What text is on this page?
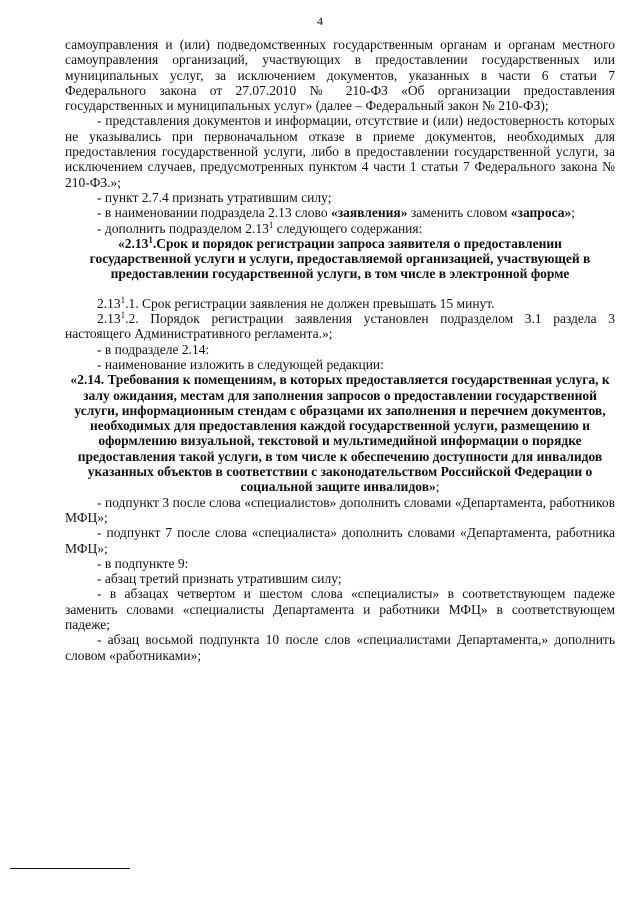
4

самоуправления и (или) подведомственных государственным органам и органам местного самоуправления организаций, участвующих в предоставлении государственных или муниципальных услуг, за исключением документов, указанных в части 6 статьи 7 Федерального закона от 27.07.2010 № 210-ФЗ «Об организации предоставления государственных и муниципальных услуг» (далее – Федеральный закон № 210-ФЗ);

- представления документов и информации, отсутствие и (или) недостоверность которых не указывались при первоначальном отказе в приеме документов, необходимых для предоставления государственной услуги, либо в предоставлении государственной услуги, за исключением случаев, предусмотренных пунктом 4 части 1 статьи 7 Федерального закона № 210-ФЗ.»;

- пункт 2.7.4 признать утратившим силу;

- в наименовании подраздела 2.13 слово «заявления» заменить словом «запроса»;

- дополнить подразделом 2.13$^1$ следующего содержания:

«2.13$^1$.Срок и порядок регистрации запроса заявителя о предоставлении государственной услуги и услуги, предоставляемой организацией, участвующей в предоставлении государственной услуги, в том числе в электронной форме

2.13$^1$.1. Срок регистрации заявления не должен превышать 15 минут.

2.13$^1$.2. Порядок регистрации заявления установлен подразделом 3.1 раздела 3 настоящего Административного регламента.»;

- в подразделе 2.14:

- наименование изложить в следующей редакции:

«2.14. Требования к помещениям, в которых предоставляется государственная услуга, к залу ожидания, местам для заполнения запросов о предоставлении государственной услуги, информационным стендам с образцами их заполнения и перечнем документов, необходимых для предоставления каждой государственной услуги, размещению и оформлению визуальной, текстовой и мультимедийной информации о порядке предоставления такой услуги, в том числе к обеспечению доступности для инвалидов указанных объектов в соответствии с законодательством Российской Федерации о социальной защите инвалидов»;

- подпункт 3 после слова «специалистов» дополнить словами «Департамента, работников МФЦ»;

- подпункт 7 после слова «специалиста» дополнить словами «Департамента, работника МФЦ»;

- в подпункте 9:

- абзац третий признать утратившим силу;

- в абзацах четвертом и шестом слова «специалисты» в соответствующем падеже заменить словами «специалисты Департамента и работники МФЦ» в соответствующем падеже;

- абзац восьмой подпункта 10 после слов «специалистами Департамента,» дополнить словом «работниками»;
